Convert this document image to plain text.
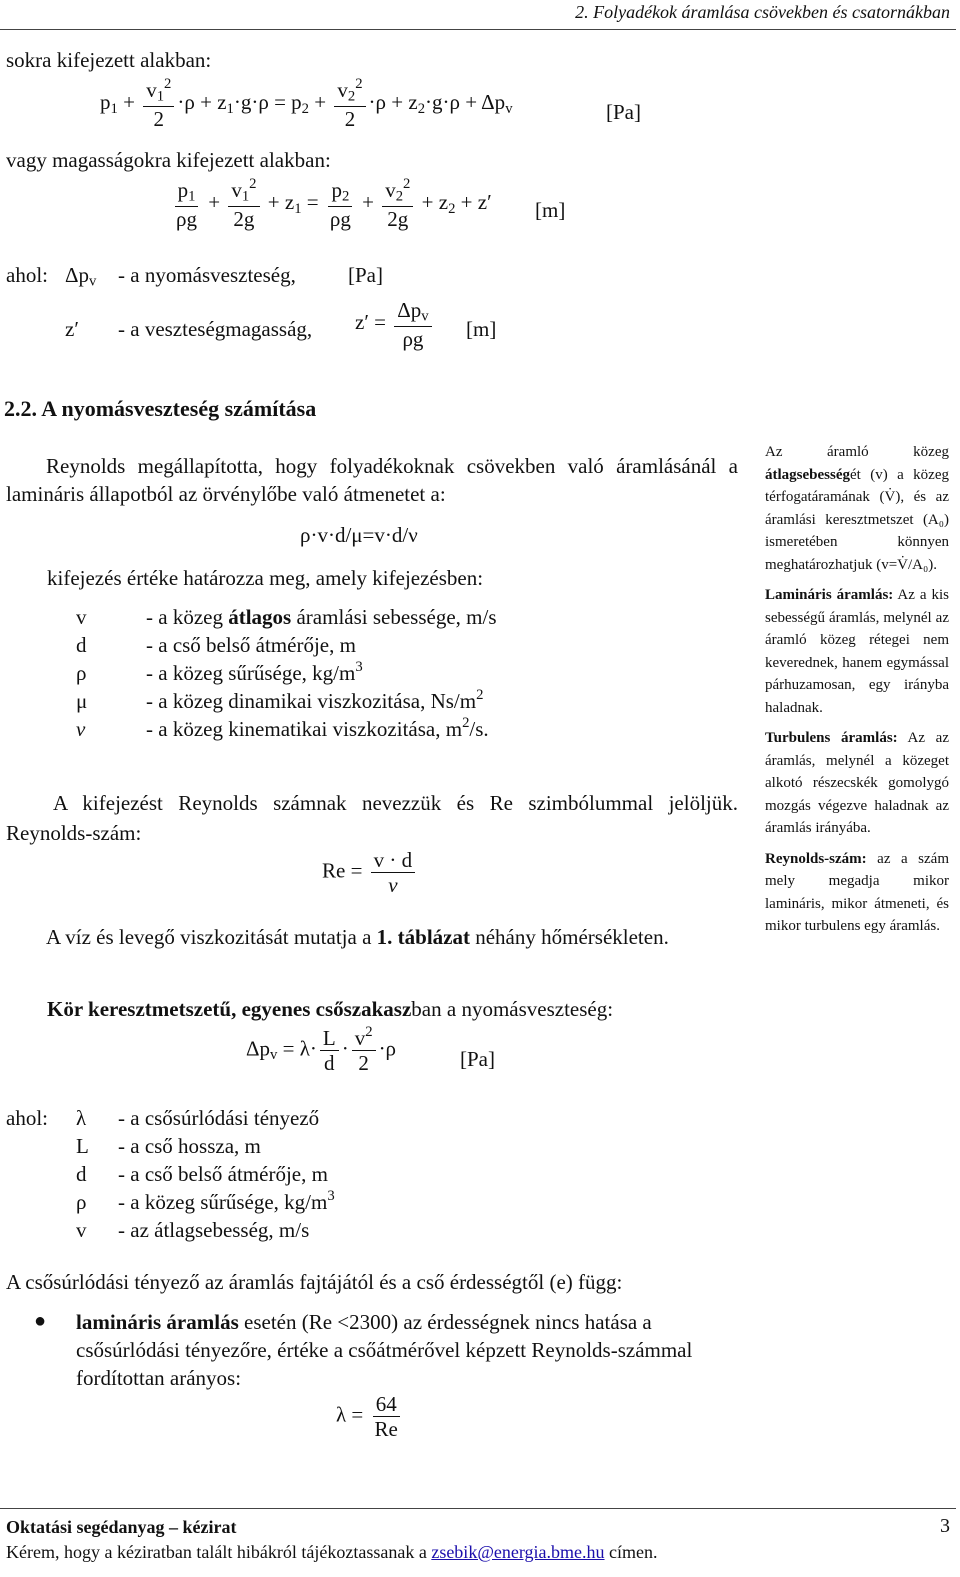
2. Folyadékok áramlása csövekben és csatornákban
sokra kifejezett alakban:
$p_1 + \frac{v_1^2}{2} \cdot\rho + z_1\cdot g\cdot\rho = p_2 + \frac{v_2^2}{2} \cdot\rho + z_2\cdot g\cdot\rho + \Delta p_v$	[Pa]
vagy magasságokra kifejezett alakban:
$\frac{p_1}{\rho g} + \frac{v_1^2}{2g} + z_1 = \frac{p_2}{\rho g} + \frac{v_2^2}{2g} + z_2 + z'$ [m]
ahol: $\Delta p_v$ - a nyomásveszteség, [Pa]
z′ - a veszteségmagasság, $z' = \frac{\Delta p_v}{\rho g} [m]$
2.2. A nyomásveszteség számítása
Reynolds megállapította, hogy folyadékoknak csövekben való áramlásánál a lamináris állapotból az örvénylőbe való átmenetet a:
ρ·v·d/μ=v·d/ν
kifejezés értéke határozza meg, amely kifejezésben:
v	- a közeg átlagos áramlási sebessége, m/s
d	- a cső belső átmérője, m
ρ	- a közeg sűrűsége, $kg/m^3$
μ	- a közeg dinamikai viszkozitása, $Ns/m^2$
ν	- a közeg kinematikai viszkozitása, $m^2/s$.
A kifejezést Reynolds számnak nevezzük és Re szimbólummal jelöljük. Reynolds-szám:
$Re = \frac{v \cdot d}{\nu}$
A víz és levegő viszkozitását mutatja a 1. táblázat néhány hőmérsékleten.
Kör keresztmetszetű, egyenes csőszakaszban a nyomásveszteség:
$\Delta p_v = \lambda\cdot \frac{L}{d} \cdot \frac{v^2}{2} \cdot\rho$	[Pa]
ahol: λ	- a csősúrlódási tényező
L	- a cső hossza, m
d	- a cső belső átmérője, m
ρ	- a közeg sűrűsége, $kg/m^3$
v	- az átlagsebesség, m/s
A csősúrlódási tényező az áramlás fajtájától és a cső érdességtől (e) függ:
● lamináris áramlás esetén (Re <2300) az érdességnek nincs hatása a csősúrlódási tényezőre, értéke a csőátmérővel képzett Reynolds-számmal fordítottan arányos:
$\lambda = \frac{64}{Re}$

Az áramló közeg átlagsebességét (v) a közeg térfogatáramának (V̇), és az áramlási keresztmetszet (A₀) ismeretében könnyen meghatározhatjuk (v=V̇/A₀).

Lamináris áramlás: Az a kis sebességű áramlás, melynél az áramló közeg rétegei nem keverednek, hanem egymással párhuzamosan, egy irányba haladnak.

Turbulens áramlás: Az az áramlás, melynél a közeget alkotó részecskék gomolygó mozgás végezve haladnak az áramlás irányába.

Reynolds-szám: az a szám mely megadja mikor lamináris, mikor átmeneti, és mikor turbulens egy áramlás.

Oktatási segédanyag – kézirat	3
Kérem, hogy a kéziratban talált hibákról tájékoztassanak a zsebik@energia.bme.hu címen.
